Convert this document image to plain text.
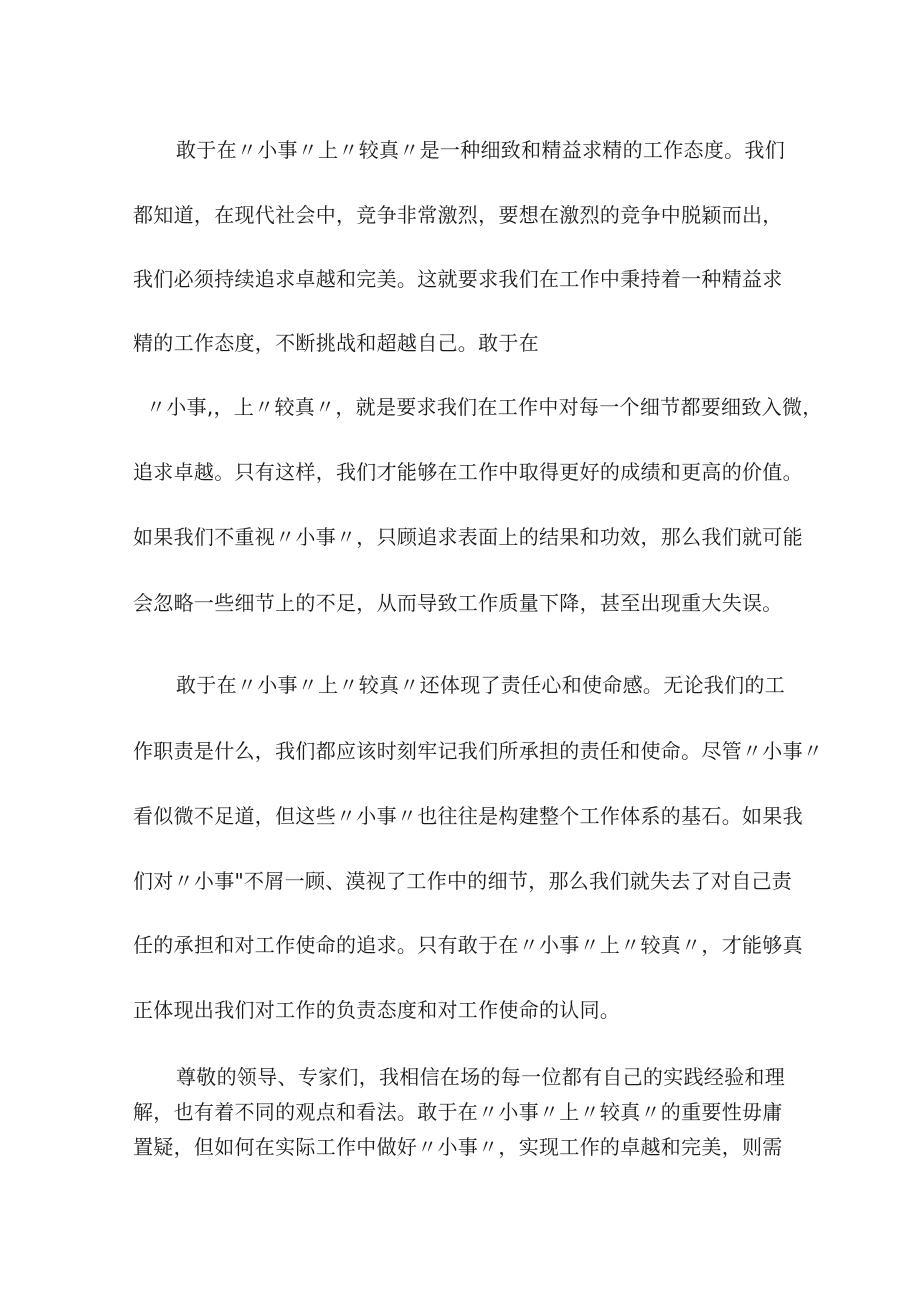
敢于在〃小事〃上〃较真〃是一种细致和精益求精的工作态度。我们
都知道，在现代社会中，竞争非常激烈，要想在激烈的竞争中脱颖而出，
我们必须持续追求卓越和完美。这就要求我们在工作中秉持着一种精益求
精的工作态度，不断挑战和超越自己。敢于在
〃小事,，上〃较真〃，就是要求我们在工作中对每一个细节都要细致入微，
追求卓越。只有这样，我们才能够在工作中取得更好的成绩和更高的价值。
如果我们不重视〃小事〃，只顾追求表面上的结果和功效，那么我们就可能
会忽略一些细节上的不足，从而导致工作质量下降，甚至出现重大失误。
敢于在〃小事〃上〃较真〃还体现了责任心和使命感。无论我们的工
作职责是什么，我们都应该时刻牢记我们所承担的责任和使命。尽管〃小事〃
看似微不足道，但这些〃小事〃也往往是构建整个工作体系的基石。如果我
们对〃小事"不屑一顾、漠视了工作中的细节，那么我们就失去了对自己责
任的承担和对工作使命的追求。只有敢于在〃小事〃上〃较真〃，才能够真
正体现出我们对工作的负责态度和对工作使命的认同。
尊敬的领导、专家们，我相信在场的每一位都有自己的实践经验和理
解，也有着不同的观点和看法。敢于在〃小事〃上〃较真〃的重要性毋庸
置疑，但如何在实际工作中做好〃小事〃，实现工作的卓越和完美，则需
